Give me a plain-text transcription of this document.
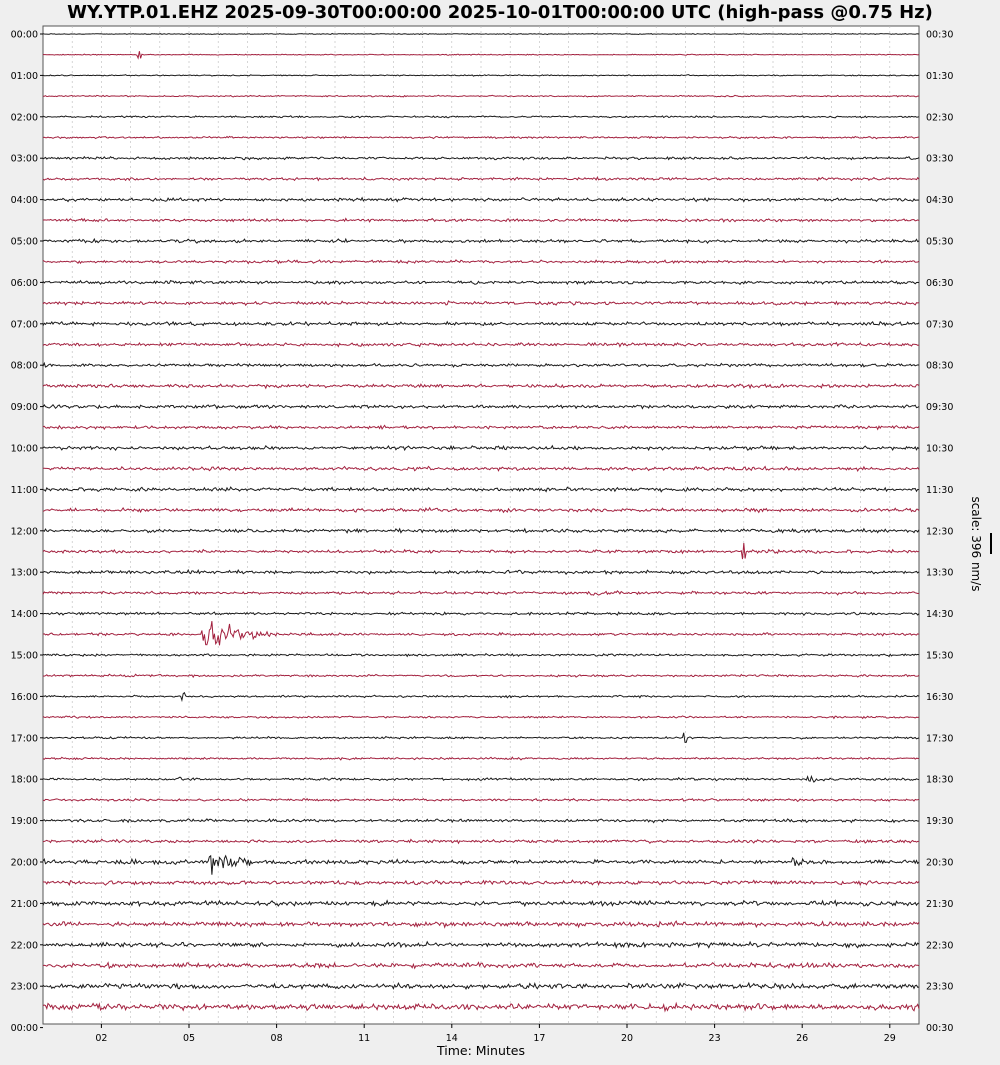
WY.YTP.01.EHZ 2025-09-30T00:00:00 2025-10-01T00:00:00 UTC (high-pass @0.75 Hz)
00:00
01:00
02:00
03:00
04:00
05:00
06:00
07:00
08:00
09:00
10:00
11:00
12:00
13:00
14:00
15:00
16:00
17:00
18:00
19:00
20:00
21:00
22:00
23:00
00:00
00:30
01:30
02:30
03:30
04:30
05:30
06:30
07:30
08:30
09:30
10:30
11:30
12:30
13:30
14:30
15:30
16:30
17:30
18:30
19:30
20:30
21:30
22:30
23:30
00:30
02	05	08	11	14	17	20	23	26	29
Time: Minutes
scale: 396 nm/s
